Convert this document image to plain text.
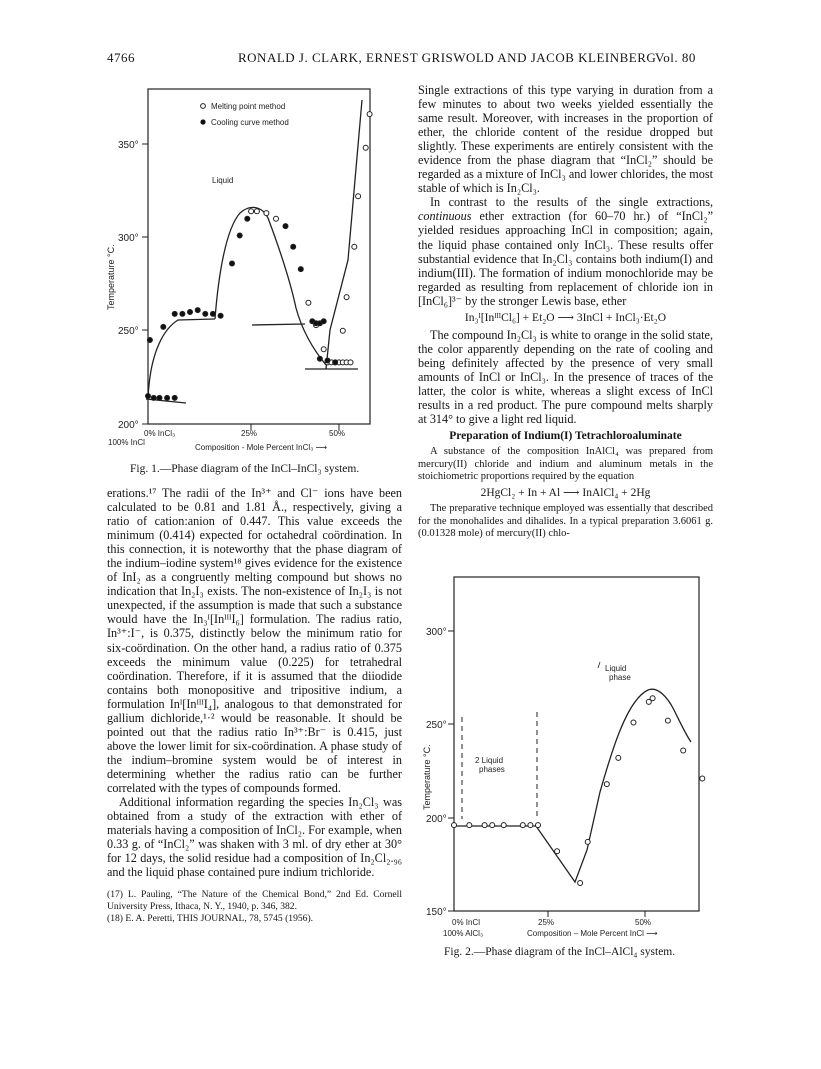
4766	RONALD J. CLARK, ERNEST GRISWOLD AND JACOB KLEINBERG
Vol. 80
350°
300°
250°
200°
Temperature °C.
0% InCl₃
100% InCl
25%	50%
Composition - Mole Percent InCl₃ ⟶
Melting point method
Cooling curve method
Liquid
Fig. 1.—Phase diagram of the InCl–InCl₃ system.

erations.¹⁷ The radii of the In³⁺ and Cl⁻ ions have been calculated to be 0.81 and 1.81 Å., respectively, giving a ratio of cation:anion of 0.447. This value exceeds the minimum (0.414) expected for octahedral coördination. In this connection, it is noteworthy that the phase diagram of the indium–iodine system¹⁸ gives evidence for the existence of InI₂ as a congruently melting compound but shows no indication that In₂I₃ exists. The non-existence of In₂I₃ is not unexpected, if the assumption is made that such a substance would have the In₃ᴵ[InᴵᴵᴵI₆] formulation. The radius ratio, In³⁺:I⁻, is 0.375, distinctly below the minimum ratio for six-coördination. On the other hand, a radius ratio of 0.375 exceeds the minimum value (0.225) for tetrahedral coördination. Therefore, if it is assumed that the diiodide contains both monopositive and tripositive indium, a formulation Inᴵ[InᴵᴵᴵI₄], analogous to that demonstrated for gallium dichloride,¹·² would be reasonable. It should be pointed out that the radius ratio In³⁺:Br⁻ is 0.415, just above the lower limit for six-coördination. A phase study of the indium–bromine system would be of interest in determining whether the radius ratio can be further correlated with the types of compounds formed.

Additional information regarding the species In₂Cl₃ was obtained from a study of the extraction with ether of materials having a composition of InCl₂. For example, when 0.33 g. of “InCl₂” was shaken with 3 ml. of dry ether at 30° for 12 days, the solid residue had a composition of In₂Cl₂.₉₆ and the liquid phase contained pure indium trichloride.

(17) L. Pauling, “The Nature of the Chemical Bond,” 2nd Ed. Cornell University Press, Ithaca, N. Y., 1940, p. 346, 382.
(18) E. A. Peretti, THIS JOURNAL, 78, 5745 (1956).

Single extractions of this type varying in duration from a few minutes to about two weeks yielded essentially the same result. Moreover, with increases in the proportion of ether, the chloride content of the residue dropped but slightly. These experiments are entirely consistent with the evidence from the phase diagram that “InCl₂” should be regarded as a mixture of InCl₃ and lower chlorides, the most stable of which is In₂Cl₃.

In contrast to the results of the single extractions, continuous ether extraction (for 60–70 hr.) of “InCl₂” yielded residues approaching InCl in composition; again, the liquid phase contained only InCl₃. These results offer substantial evidence that In₂Cl₃ contains both indium(I) and indium(III). The formation of indium monochloride may be regarded as resulting from replacement of chloride ion in [InCl₆]³⁻ by the stronger Lewis base, ether

In₃ᴵ[InᴵᴵᴵCl₆] + Et₂O ⟶ 3InCl + InCl₃·Et₂O

The compound In₂Cl₃ is white to orange in the solid state, the color apparently depending on the rate of cooling and being definitely affected by the presence of very small amounts of InCl or InCl₃. In the presence of traces of the latter, the color is white, whereas a slight excess of InCl results in a red product. The pure compound melts sharply at 314° to give a light red liquid.

Preparation of Indium(I) Tetrachloroaluminate

A substance of the composition InAlCl₄ was prepared from mercury(II) chloride and indium and aluminum metals in the stoichiometric proportions required by the equation

2HgCl₂ + In + Al ⟶ InAlCl₄ + 2Hg

The preparative technique employed was essentially that described for the monohalides and dihalides. In a typical preparation 3.6061 g. (0.01328 mole) of mercury(II) chlo-

300°
250°
200°
150°
Temperature °C.
0% InCl
100% AlCl₃
25%	50%
Composition – Mole Percent InCl ⟶
Liquid
phase
2 Liquid
phases
Fig. 2.—Phase diagram of the InCl–AlCl₄ system.
